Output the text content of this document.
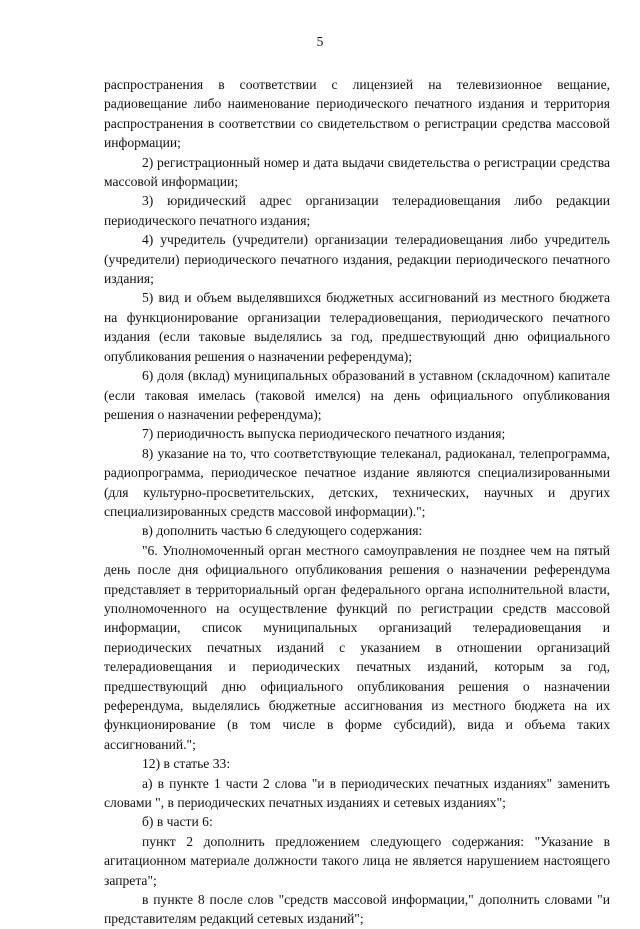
5

распространения в соответствии с лицензией на телевизионное вещание, радиовещание либо наименование периодического печатного издания и территория распространения в соответствии со свидетельством о регистрации средства массовой информации;

2) регистрационный номер и дата выдачи свидетельства о регистрации средства массовой информации;

3) юридический адрес организации телерадиовещания либо редакции периодического печатного издания;

4) учредитель (учредители) организации телерадиовещания либо учредитель (учредители) периодического печатного издания, редакции периодического печатного издания;

5) вид и объем выделявшихся бюджетных ассигнований из местного бюджета на функционирование организации телерадиовещания, периодического печатного издания (если таковые выделялись за год, предшествующий дню официального опубликования решения о назначении референдума);

6) доля (вклад) муниципальных образований в уставном (складочном) капитале (если таковая имелась (таковой имелся) на день официального опубликования решения о назначении референдума);

7) периодичность выпуска периодического печатного издания;

8) указание на то, что соответствующие телеканал, радиоканал, телепрограмма, радиопрограмма, периодическое печатное издание являются специализированными (для культурно-просветительских, детских, технических, научных и других специализированных средств массовой информации).";

в) дополнить частью 6 следующего содержания:

"6. Уполномоченный орган местного самоуправления не позднее чем на пятый день после дня официального опубликования решения о назначении референдума представляет в территориальный орган федерального органа исполнительной власти, уполномоченного на осуществление функций по регистрации средств массовой информации, список муниципальных организаций телерадиовещания и периодических печатных изданий с указанием в отношении организаций телерадиовещания и периодических печатных изданий, которым за год, предшествующий дню официального опубликования решения о назначении референдума, выделялись бюджетные ассигнования из местного бюджета на их функционирование (в том числе в форме субсидий), вида и объема таких ассигнований.";

12) в статье 33:

а) в пункте 1 части 2 слова "и в периодических печатных изданиях" заменить словами ", в периодических печатных изданиях и сетевых изданиях";

б) в части 6:

пункт 2 дополнить предложением следующего содержания: "Указание в агитационном материале должности такого лица не является нарушением настоящего запрета";

в пункте 8 после слов "средств массовой информации," дополнить словами "и представителям редакций сетевых изданий";
